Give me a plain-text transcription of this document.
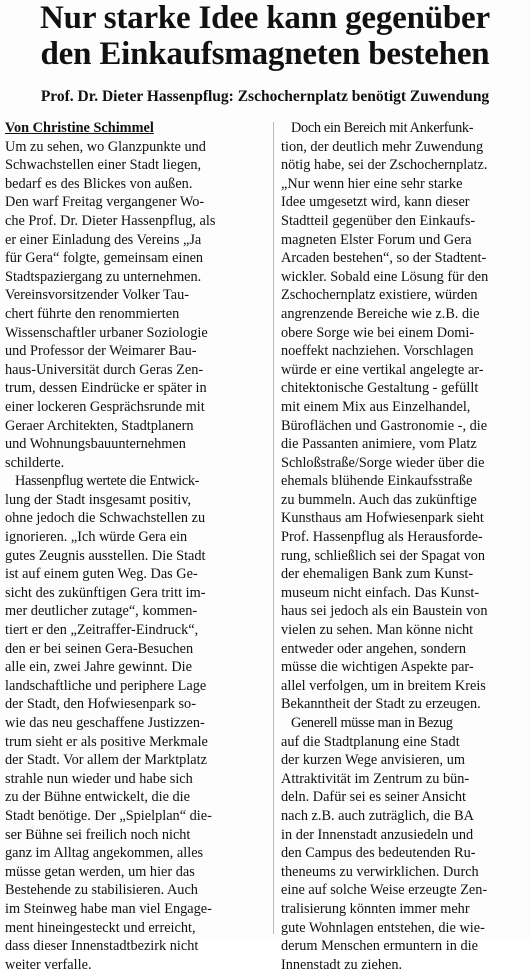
Nur starke Idee kann gegenüber
den Einkaufsmagneten bestehen
Prof. Dr. Dieter Hassenpflug: Zschochernplatz benötigt Zuwendung
Von Christine Schimmel
Um zu sehen, wo Glanzpunkte und
Schwachstellen einer Stadt liegen,
bedarf es des Blickes von außen.
Den warf Freitag vergangener Wo-
che Prof. Dr. Dieter Hassenpflug, als
er einer Einladung des Vereins „Ja
für Gera“ folgte, gemeinsam einen
Stadtspaziergang zu unternehmen.
Vereinsvorsitzender Volker Tau-
chert führte den renommierten
Wissenschaftler urbaner Soziologie
und Professor der Weimarer Bau-
haus-Universität durch Geras Zen-
trum, dessen Eindrücke er später in
einer lockeren Gesprächsrunde mit
Geraer Architekten, Stadtplanern
und Wohnungsbauunternehmen
schilderte.
Hassenpflug wertete die Entwick-
lung der Stadt insgesamt positiv,
ohne jedoch die Schwachstellen zu
ignorieren. „Ich würde Gera ein
gutes Zeugnis ausstellen. Die Stadt
ist auf einem guten Weg. Das Ge-
sicht des zukünftigen Gera tritt im-
mer deutlicher zutage“, kommen-
tiert er den „Zeitraffer-Eindruck“,
den er bei seinen Gera-Besuchen
alle ein, zwei Jahre gewinnt. Die
landschaftliche und periphere Lage
der Stadt, den Hofwiesenpark so-
wie das neu geschaffene Justizzen-
trum sieht er als positive Merkmale
der Stadt. Vor allem der Marktplatz
strahle nun wieder und habe sich
zu der Bühne entwickelt, die die
Stadt benötige. Der „Spielplan“ die-
ser Bühne sei freilich noch nicht
ganz im Alltag angekommen, alles
müsse getan werden, um hier das
Bestehende zu stabilisieren. Auch
im Steinweg habe man viel Engage-
ment hineingesteckt und erreicht,
dass dieser Innenstadtbezirk nicht
weiter verfalle.
Doch ein Bereich mit Ankerfunk-
tion, der deutlich mehr Zuwendung
nötig habe, sei der Zschochernplatz.
„Nur wenn hier eine sehr starke
Idee umgesetzt wird, kann dieser
Stadtteil gegenüber den Einkaufs-
magneten Elster Forum und Gera
Arcaden bestehen“, so der Stadtent-
wickler. Sobald eine Lösung für den
Zschochernplatz existiere, würden
angrenzende Bereiche wie z.B. die
obere Sorge wie bei einem Domi-
noeffekt nachziehen. Vorschlagen
würde er eine vertikal angelegte ar-
chitektonische Gestaltung - gefüllt
mit einem Mix aus Einzelhandel,
Büroflächen und Gastronomie -, die
die Passanten animiere, vom Platz
Schloßstraße/Sorge wieder über die
ehemals blühende Einkaufsstraße
zu bummeln. Auch das zukünftige
Kunsthaus am Hofwiesenpark sieht
Prof. Hassenpflug als Herausforde-
rung, schließlich sei der Spagat von
der ehemaligen Bank zum Kunst-
museum nicht einfach. Das Kunst-
haus sei jedoch als ein Baustein von
vielen zu sehen. Man könne nicht
entweder oder angehen, sondern
müsse die wichtigen Aspekte par-
allel verfolgen, um in breitem Kreis
Bekanntheit der Stadt zu erzeugen.
Generell müsse man in Bezug
auf die Stadtplanung eine Stadt
der kurzen Wege anvisieren, um
Attraktivität im Zentrum zu bün-
deln. Dafür sei es seiner Ansicht
nach z.B. auch zuträglich, die BA
in der Innenstadt anzusiedeln und
den Campus des bedeutenden Ru-
theneums zu verwirklichen. Durch
eine auf solche Weise erzeugte Zen-
tralisierung könnten immer mehr
gute Wohnlagen entstehen, die wie-
derum Menschen ermuntern in die
Innenstadt zu ziehen.
